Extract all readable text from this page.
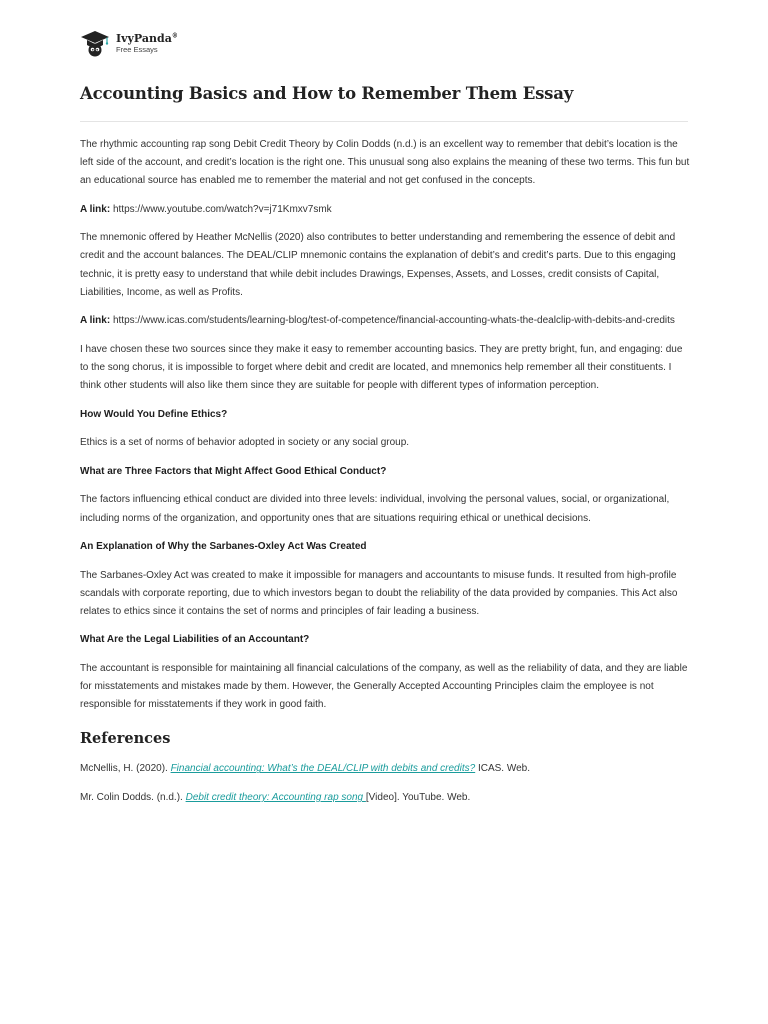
IvyPanda®
Free Essays
Accounting Basics and How to Remember Them Essay

The rhythmic accounting rap song Debit Credit Theory by Colin Dodds (n.d.) is an excellent way to remember that debit’s location is the left side of the account, and credit’s location is the right one. This unusual song also explains the meaning of these two terms. This fun but an educational source has enabled me to remember the material and not get confused in the concepts.

A link: https://www.youtube.com/watch?v=j71Kmxv7smk

The mnemonic offered by Heather McNellis (2020) also contributes to better understanding and remembering the essence of debit and credit and the account balances. The DEAL/CLIP mnemonic contains the explanation of debit’s and credit’s parts. Due to this engaging technic, it is pretty easy to understand that while debit includes Drawings, Expenses, Assets, and Losses, credit consists of Capital, Liabilities, Income, as well as Profits.

A link: https://www.icas.com/students/learning-blog/test-of-competence/financial-accounting-whats-the-dealclip-with-debits-and-credits

I have chosen these two sources since they make it easy to remember accounting basics. They are pretty bright, fun, and engaging: due to the song chorus, it is impossible to forget where debit and credit are located, and mnemonics help remember all their constituents. I think other students will also like them since they are suitable for people with different types of information perception.

How Would You Define Ethics?

Ethics is a set of norms of behavior adopted in society or any social group.

What are Three Factors that Might Affect Good Ethical Conduct?

The factors influencing ethical conduct are divided into three levels: individual, involving the personal values, social, or organizational, including norms of the organization, and opportunity ones that are situations requiring ethical or unethical decisions.

An Explanation of Why the Sarbanes-Oxley Act Was Created

The Sarbanes-Oxley Act was created to make it impossible for managers and accountants to misuse funds. It resulted from high-profile scandals with corporate reporting, due to which investors began to doubt the reliability of the data provided by companies. This Act also relates to ethics since it contains the set of norms and principles of fair leading a business.

What Are the Legal Liabilities of an Accountant?

The accountant is responsible for maintaining all financial calculations of the company, as well as the reliability of data, and they are liable for misstatements and mistakes made by them. However, the Generally Accepted Accounting Principles claim the employee is not responsible for misstatements if they work in good faith.

References

McNellis, H. (2020). Financial accounting: What’s the DEAL/CLIP with debits and credits? ICAS. Web.

Mr. Colin Dodds. (n.d.). Debit credit theory: Accounting rap song [Video]. YouTube. Web.
